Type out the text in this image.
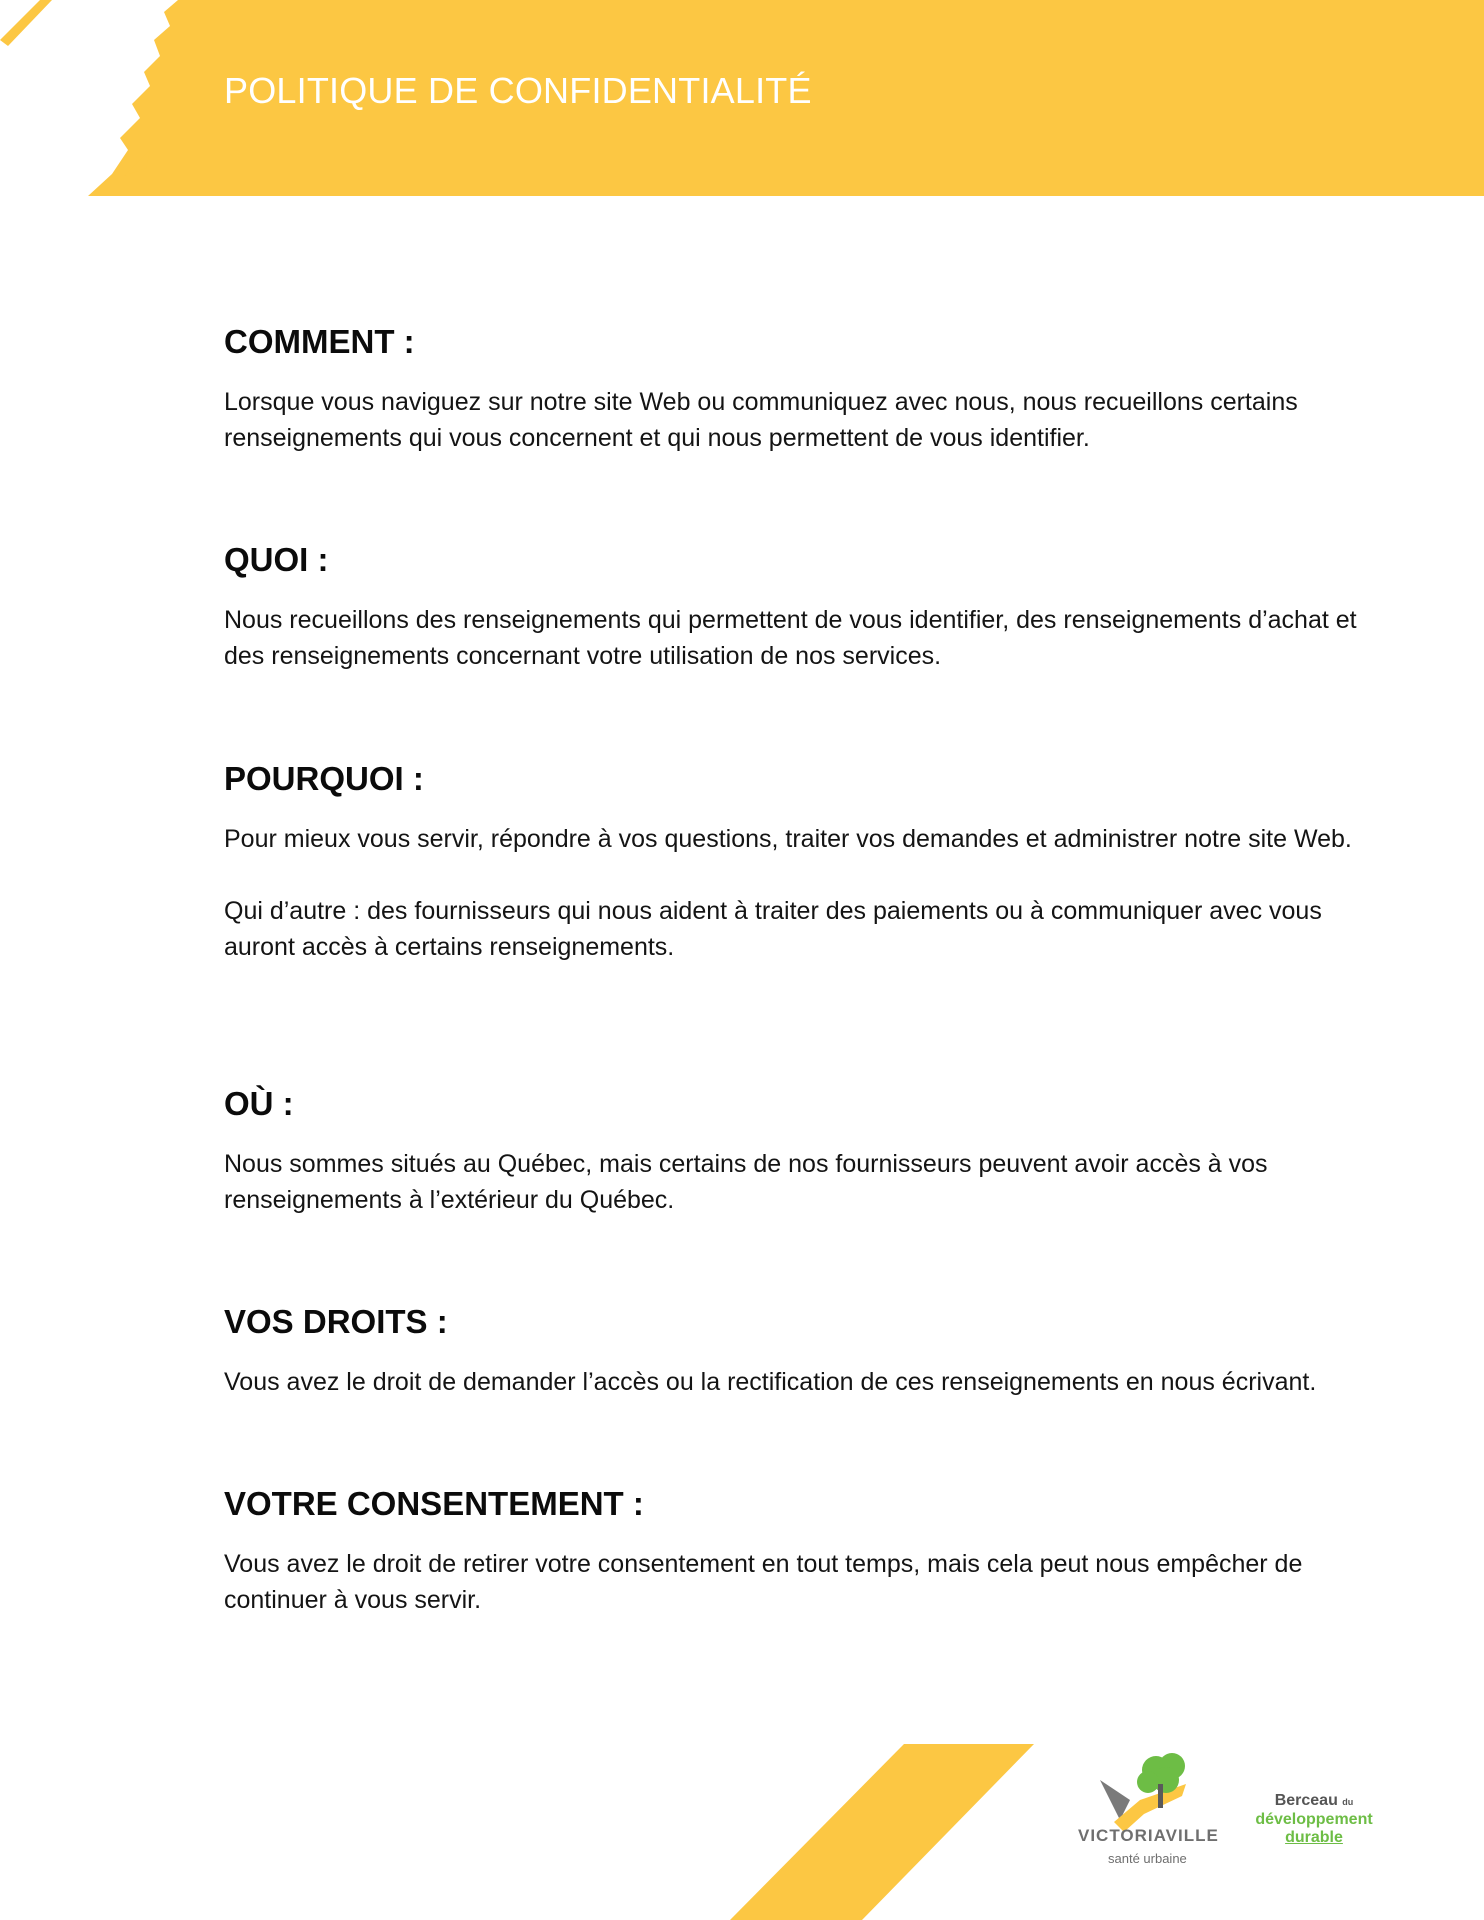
POLITIQUE DE CONFIDENTIALITÉ
COMMENT :

Lorsque vous naviguez sur notre site Web ou communiquez avec nous, nous recueillons certains renseignements qui vous concernent et qui nous permettent de vous identifier.

QUOI :

Nous recueillons des renseignements qui permettent de vous identifier, des renseignements d’achat et des renseignements concernant votre utilisation de nos services.

POURQUOI :

Pour mieux vous servir, répondre à vos questions, traiter vos demandes et administrer notre site Web.

Qui d’autre : des fournisseurs qui nous aident à traiter des paiements ou à communiquer avec vous auront accès à certains renseignements.

OÙ :

Nous sommes situés au Québec, mais certains de nos fournisseurs peuvent avoir accès à vos renseignements à l’extérieur du Québec.

VOS DROITS :

Vous avez le droit de demander l’accès ou la rectification de ces renseignements en nous écrivant.

VOTRE CONSENTEMENT :

Vous avez le droit de retirer votre consentement en tout temps, mais cela peut nous empêcher de continuer à vous servir.

VICTORIAVILLE
santé urbaine
Berceau du
développement
durable
